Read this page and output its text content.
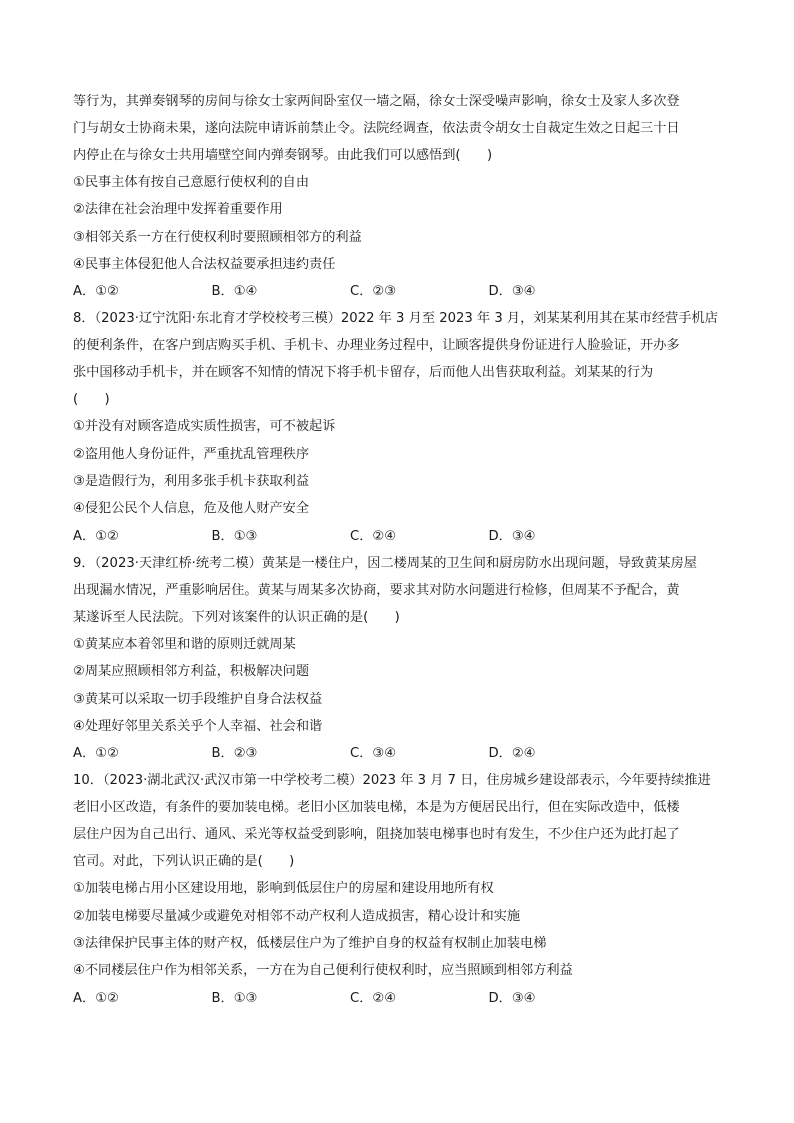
等行为，其弹奏钢琴的房间与徐女士家两间卧室仅一墙之隔，徐女士深受噪声影响，徐女士及家人多次登

门与胡女士协商未果，遂向法院申请诉前禁止令。法院经调查，依法责令胡女士自裁定生效之日起三十日

内停止在与徐女士共用墙壁空间内弹奏钢琴。由此我们可以感悟到(　　)

①民事主体有按自己意愿行使权利的自由

②法律在社会治理中发挥着重要作用

③相邻关系一方在行使权利时要照顾相邻方的利益

④民事主体侵犯他人合法权益要承担违约责任

A．①②	B．①④	C．②③	D．③④

8．（2023·辽宁沈阳·东北育才学校校考三模）2022 年 3 月至 2023 年 3 月，刘某某利用其在某市经营手机店

的便利条件，在客户到店购买手机、手机卡、办理业务过程中，让顾客提供身份证进行人脸验证，开办多

张中国移动手机卡，并在顾客不知情的情况下将手机卡留存，后而他人出售获取利益。刘某某的行为

(　　)

①并没有对顾客造成实质性损害，可不被起诉

②盗用他人身份证件，严重扰乱管理秩序

③是造假行为，利用多张手机卡获取利益

④侵犯公民个人信息，危及他人财产安全

A．①②	B．①③	C．②④	D．③④

9．（2023·天津红桥·统考二模）黄某是一楼住户，因二楼周某的卫生间和厨房防水出现问题，导致黄某房屋

出现漏水情况，严重影响居住。黄某与周某多次协商，要求其对防水问题进行检修，但周某不予配合，黄

某遂诉至人民法院。下列对该案件的认识正确的是(　　)

①黄某应本着邻里和谐的原则迁就周某

②周某应照顾相邻方利益，积极解决问题

③黄某可以采取一切手段维护自身合法权益

④处理好邻里关系关乎个人幸福、社会和谐

A．①②	B．②③	C．③④	D．②④

10．（2023·湖北武汉·武汉市第一中学校考二模）2023 年 3 月 7 日，住房城乡建设部表示，今年要持续推进

老旧小区改造，有条件的要加装电梯。老旧小区加装电梯，本是为方便居民出行，但在实际改造中，低楼

层住户因为自己出行、通风、采光等权益受到影响，阻挠加装电梯事也时有发生，不少住户还为此打起了

官司。对此，下列认识正确的是(　　)

①加装电梯占用小区建设用地，影响到低层住户的房屋和建设用地所有权

②加装电梯要尽量减少或避免对相邻不动产权利人造成损害，精心设计和实施

③法律保护民事主体的财产权，低楼层住户为了维护自身的权益有权制止加装电梯

④不同楼层住户作为相邻关系，一方在为自己便利行使权利时，应当照顾到相邻方利益

A．①②	B．①③	C．②④	D．③④
